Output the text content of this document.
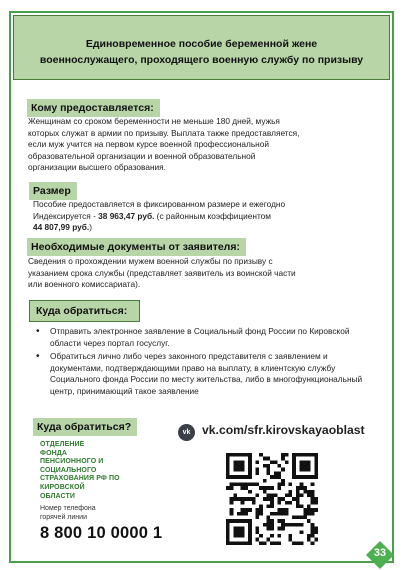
Единовременное пособие беременной жене
военнослужащего, проходящего военную службу по призыву
Кому предоставляется:
Женщинам со сроком беременности не меньше 180 дней, мужья
которых служат в армии по призыву. Выплата также предоставляется,
если муж учится на первом курсе военной профессиональной
образовательной организации и военной образовательной
организации высшего образования.
Размер
Пособие предоставляется в фиксированном размере и ежегодно
Индексируется - 38 963,47 руб. (с районным коэффициентом
44 807,99 руб.)
Необходимые документы от заявителя:
Сведения о прохождении мужем военной службы по призыву с
указанием срока службы (представляет заявитель из воинской части
или военного комиссариата).
Куда обратиться:
• Отправить электронное заявление в Социальный фонд России по Кировской области через портал госуслуг.
• Обратиться лично либо через законного представителя с заявлением и документами, подтверждающими право на выплату, в клиентскую службу Социального фонда России по месту жительства, либо в многофункциональный центр, принимающий такое заявление
Куда обратиться?
ОТДЕЛЕНИЕ
ФОНДА
ПЕНСИОННОГО И
СОЦИАЛЬНОГО
СТРАХОВАНИЯ РФ ПО
КИРОВСКОЙ
ОБЛАСТИ
Номер телефона
горячей линии
8 800 10 0000 1
vk vk.com/sfr.kirovskayaoblast
33
